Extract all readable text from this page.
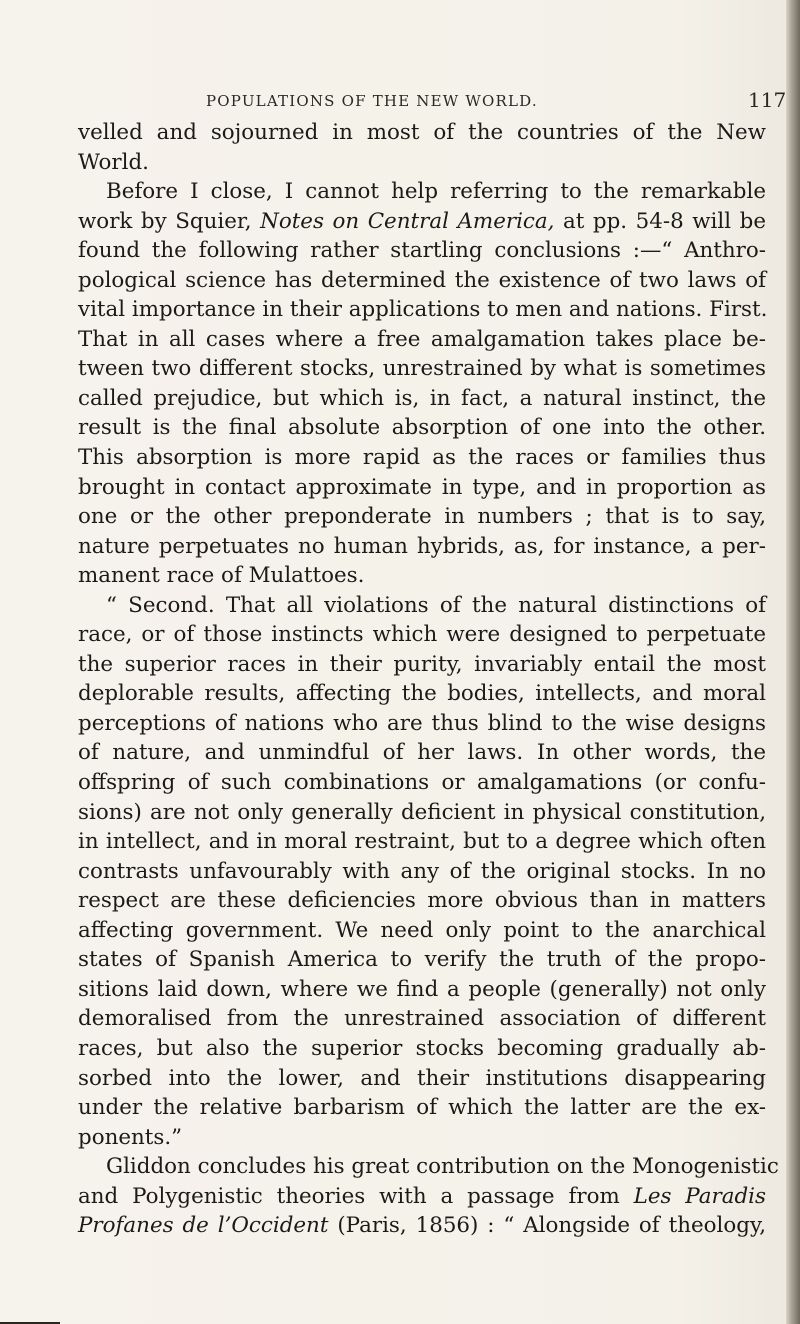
POPULATIONS OF THE NEW WORLD.	117
velled and sojourned in most of the countries of the New
World.
Before I close, I cannot help referring to the remarkable
work by Squier, Notes on Central America, at pp. 54-8 will be
found the following rather startling conclusions :—“ Anthro-
pological science has determined the existence of two laws of
vital importance in their applications to men and nations. First.
That in all cases where a free amalgamation takes place be-
tween two different stocks, unrestrained by what is sometimes
called prejudice, but which is, in fact, a natural instinct, the
result is the final absolute absorption of one into the other.
This absorption is more rapid as the races or families thus
brought in contact approximate in type, and in proportion as
one or the other preponderate in numbers ; that is to say,
nature perpetuates no human hybrids, as, for instance, a per-
manent race of Mulattoes.
“ Second. That all violations of the natural distinctions of
race, or of those instincts which were designed to perpetuate
the superior races in their purity, invariably entail the most
deplorable results, affecting the bodies, intellects, and moral
perceptions of nations who are thus blind to the wise designs
of nature, and unmindful of her laws. In other words, the
offspring of such combinations or amalgamations (or confu-
sions) are not only generally deficient in physical constitution,
in intellect, and in moral restraint, but to a degree which often
contrasts unfavourably with any of the original stocks. In no
respect are these deficiencies more obvious than in matters
affecting government. We need only point to the anarchical
states of Spanish America to verify the truth of the propo-
sitions laid down, where we find a people (generally) not only
demoralised from the unrestrained association of different
races, but also the superior stocks becoming gradually ab-
sorbed into the lower, and their institutions disappearing
under the relative barbarism of which the latter are the ex-
ponents.”
Gliddon concludes his great contribution on the Monogenistic
and Polygenistic theories with a passage from Les Paradis
Profanes de l’Occident (Paris, 1856) : “ Alongside of theology,
